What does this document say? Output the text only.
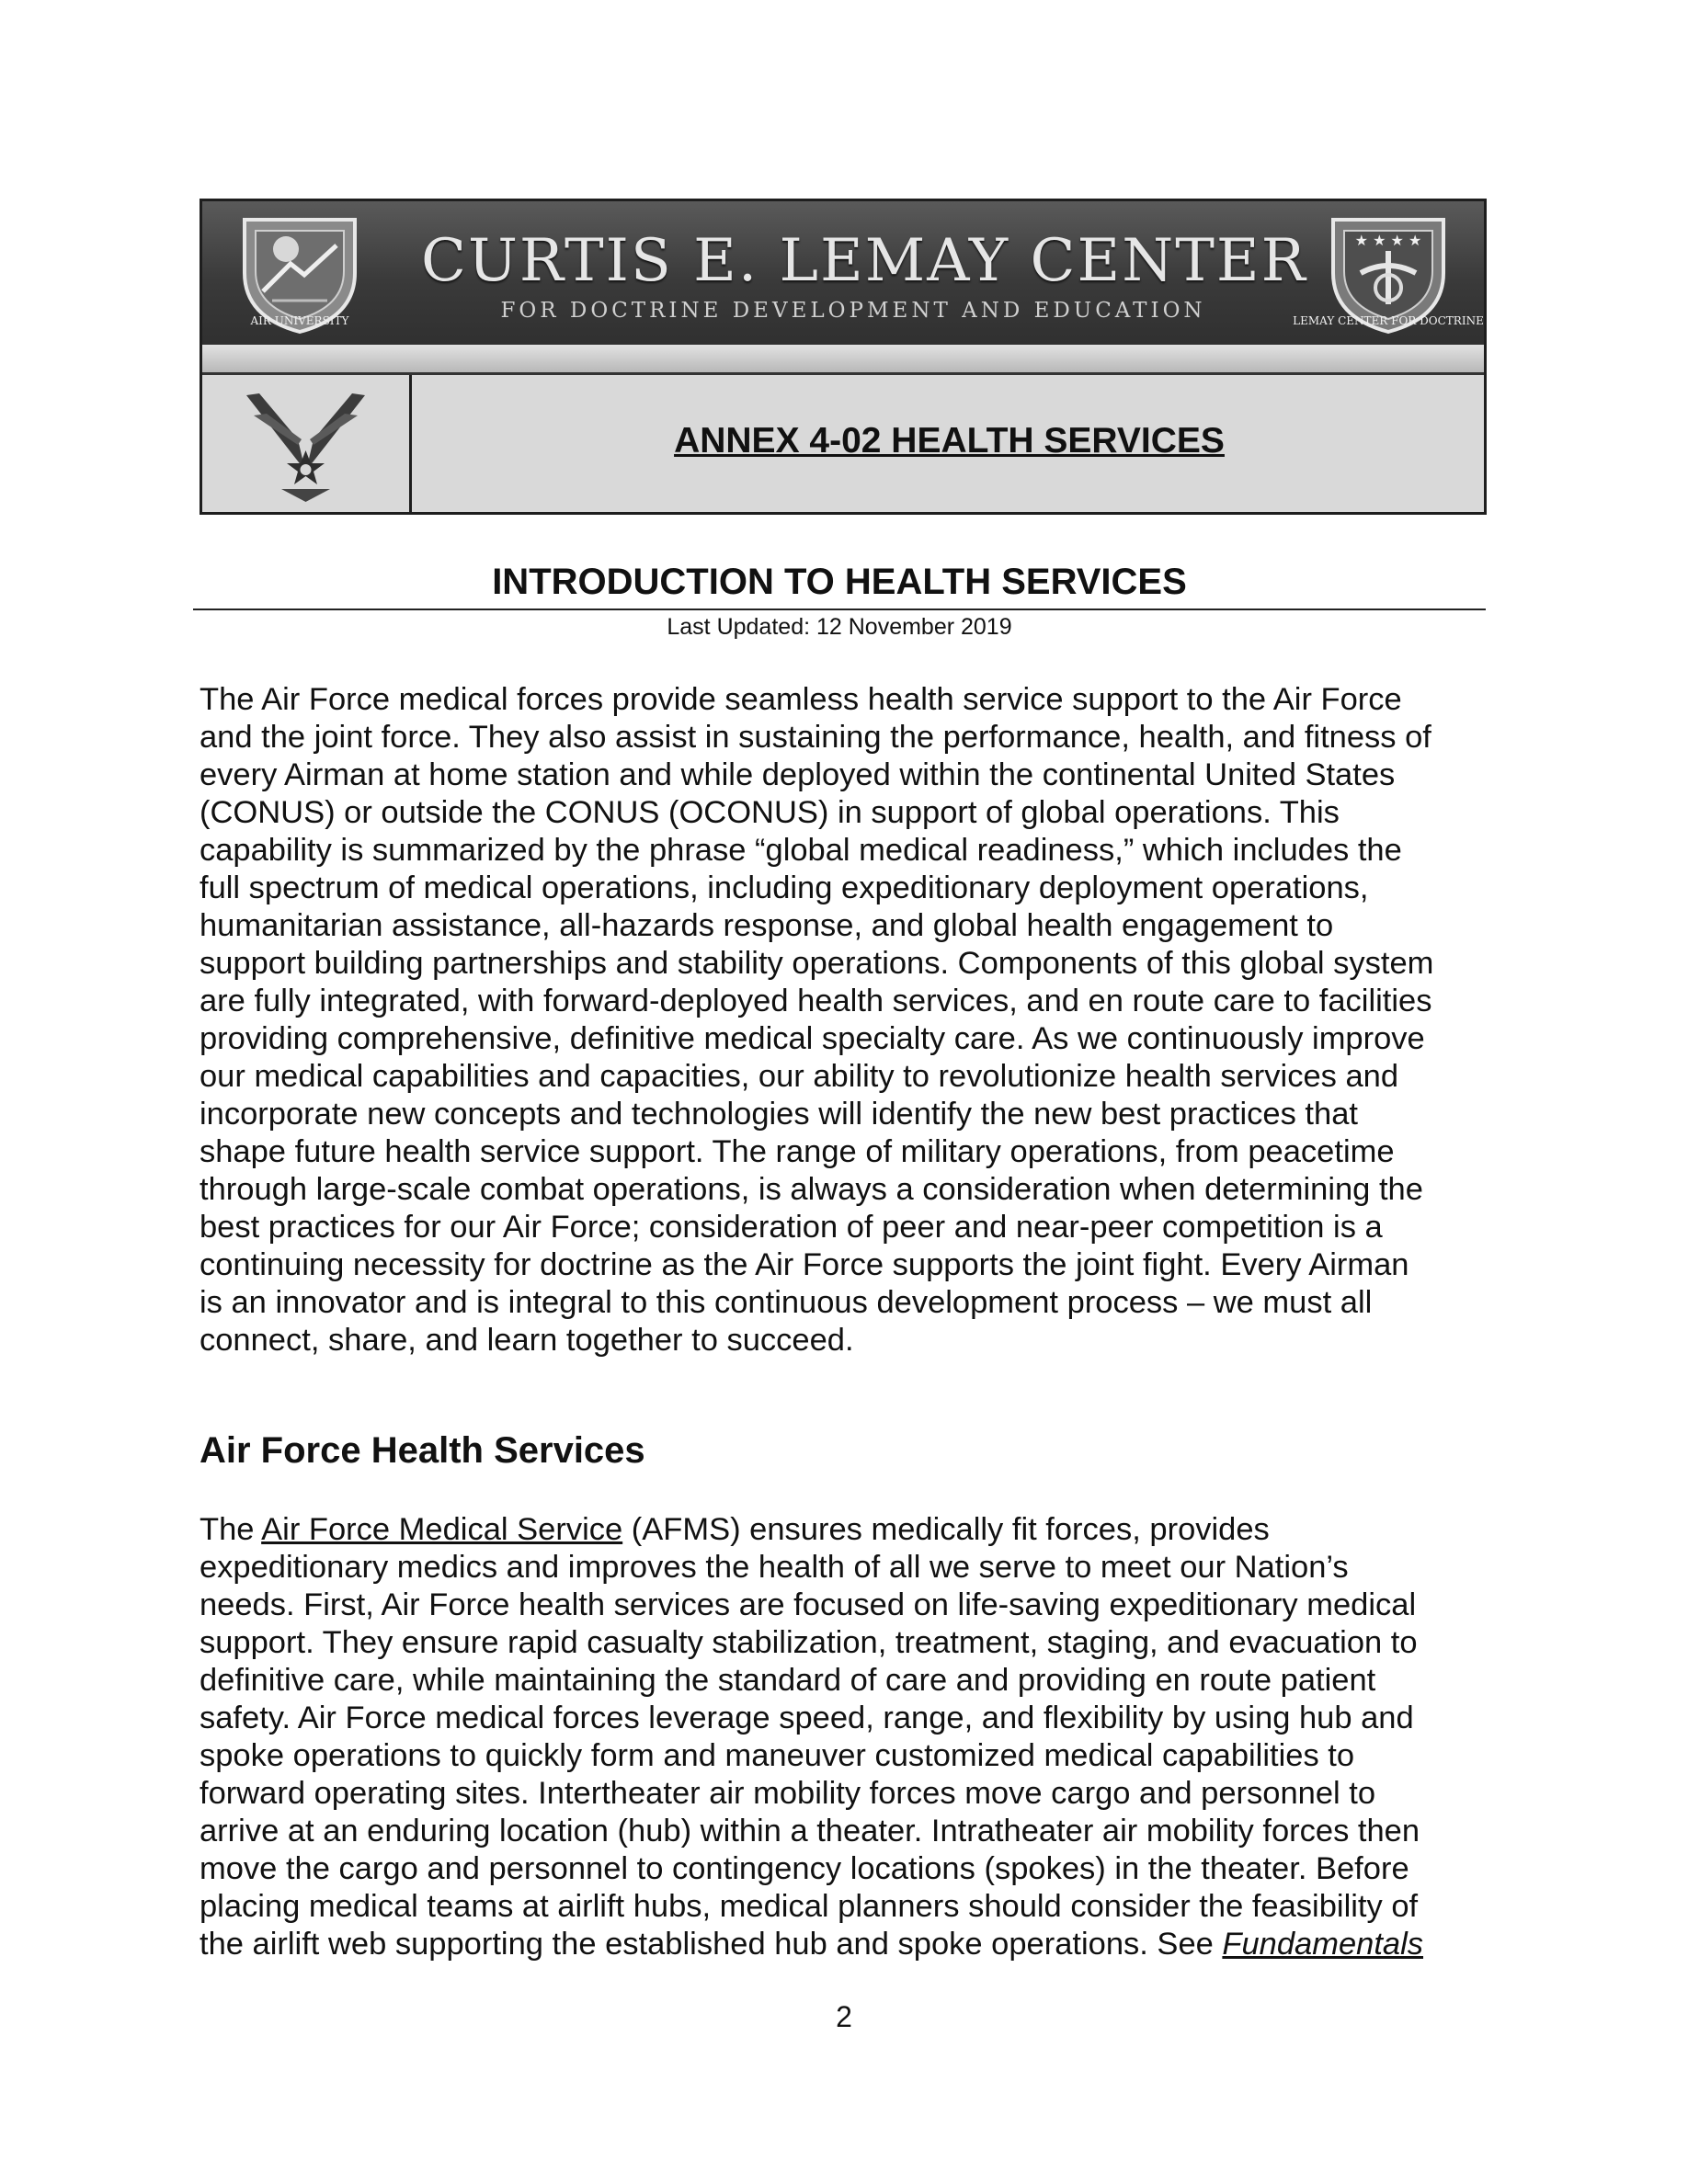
AIR UNIVERSITY
CURTIS E. LEMAY CENTER
FOR DOCTRINE DEVELOPMENT AND EDUCATION
★ ★ ★ ★
LEMAY CENTER FOR DOCTRINE
ANNEX 4-02 HEALTH SERVICES
INTRODUCTION TO HEALTH SERVICES
Last Updated: 12 November 2019

The Air Force medical forces provide seamless health service support to the Air Force
and the joint force. They also assist in sustaining the performance, health, and fitness of
every Airman at home station and while deployed within the continental United States
(CONUS) or outside the CONUS (OCONUS) in support of global operations. This
capability is summarized by the phrase “global medical readiness,” which includes the
full spectrum of medical operations, including expeditionary deployment operations,
humanitarian assistance, all-hazards response, and global health engagement to
support building partnerships and stability operations. Components of this global system
are fully integrated, with forward-deployed health services, and en route care to facilities
providing comprehensive, definitive medical specialty care. As we continuously improve
our medical capabilities and capacities, our ability to revolutionize health services and
incorporate new concepts and technologies will identify the new best practices that
shape future health service support. The range of military operations, from peacetime
through large-scale combat operations, is always a consideration when determining the
best practices for our Air Force; consideration of peer and near-peer competition is a
continuing necessity for doctrine as the Air Force supports the joint fight. Every Airman
is an innovator and is integral to this continuous development process – we must all
connect, share, and learn together to succeed.

Air Force Health Services

The Air Force Medical Service (AFMS) ensures medically fit forces, provides
expeditionary medics and improves the health of all we serve to meet our Nation’s
needs. First, Air Force health services are focused on life-saving expeditionary medical
support. They ensure rapid casualty stabilization, treatment, staging, and evacuation to
definitive care, while maintaining the standard of care and providing en route patient
safety. Air Force medical forces leverage speed, range, and flexibility by using hub and
spoke operations to quickly form and maneuver customized medical capabilities to
forward operating sites. Intertheater air mobility forces move cargo and personnel to
arrive at an enduring location (hub) within a theater. Intratheater air mobility forces then
move the cargo and personnel to contingency locations (spokes) in the theater. Before
placing medical teams at airlift hubs, medical planners should consider the feasibility of
the airlift web supporting the established hub and spoke operations. See Fundamentals

2
